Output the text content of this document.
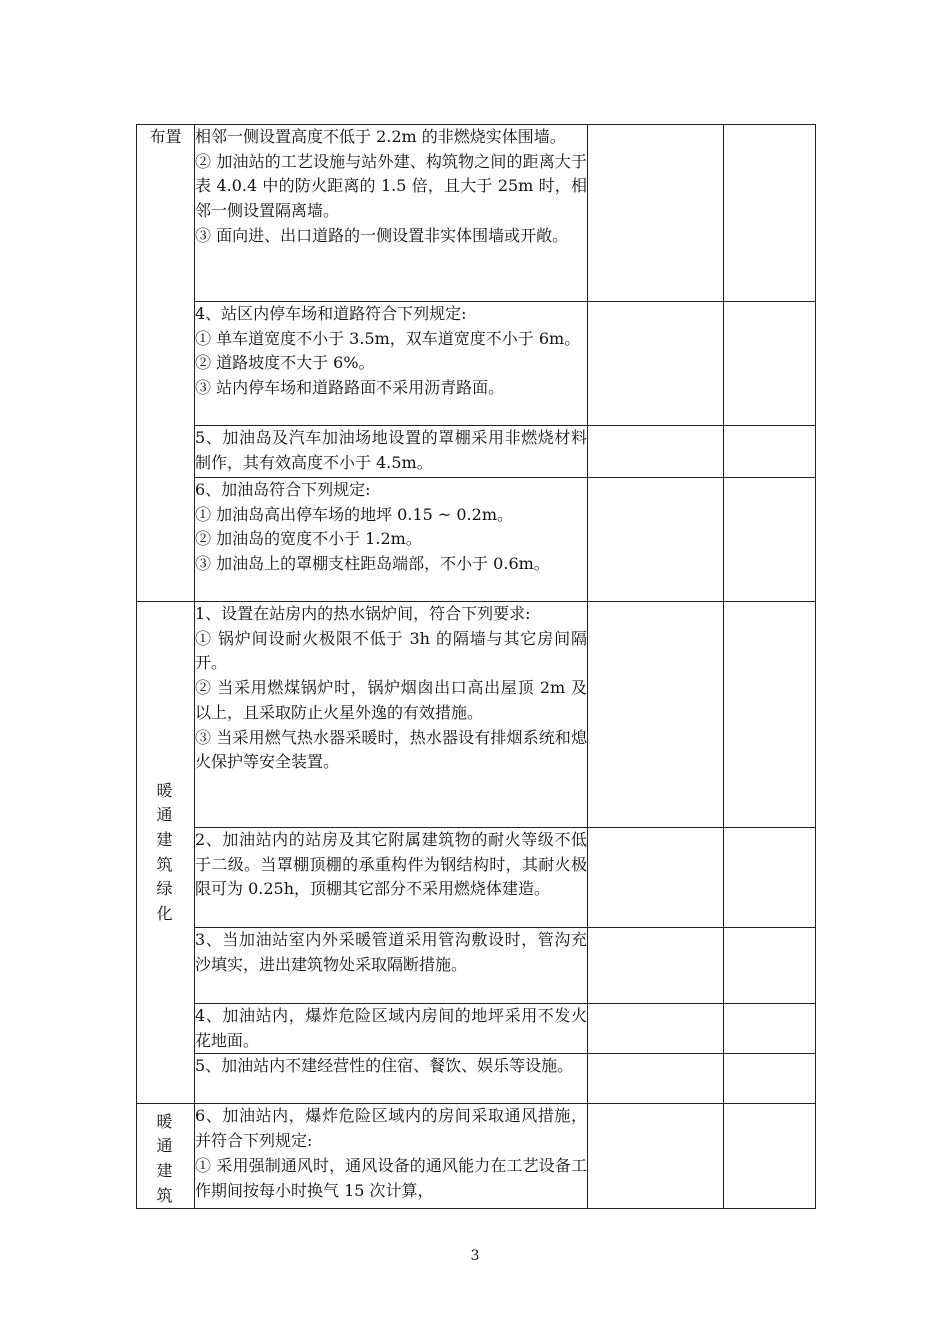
布置	相邻一侧设置高度不低于 2.2m 的非燃烧实体围墙。
② 加油站的工艺设施与站外建、构筑物之间的距离大于表 4.0.4 中的防火距离的 1.5 倍，且大于 25m 时，相邻一侧设置隔离墙。
③ 面向进、出口道路的一侧设置非实体围墙或开敞。		

	4、站区内停车场和道路符合下列规定:
① 单车道宽度不小于 3.5m，双车道宽度不小于 6m。
② 道路坡度不大于 6%。
③ 站内停车场和道路路面不采用沥青路面。		

	5、加油岛及汽车加油场地设置的罩棚采用非燃烧材料制作，其有效高度不小于 4.5m。		

	6、加油岛符合下列规定:
① 加油岛高出停车场的地坪 0.15 ~ 0.2m。
② 加油岛的宽度不小于 1.2m。
③ 加油岛上的罩棚支柱距岛端部，不小于 0.6m。		

暖通建筑绿化	1、设置在站房内的热水锅炉间，符合下列要求:
① 锅炉间设耐火极限不低于 3h 的隔墙与其它房间隔开。
② 当采用燃煤锅炉时，锅炉烟囱出口高出屋顶 2m 及以上，且采取防止火星外逸的有效措施。
③ 当采用燃气热水器采暖时，热水器设有排烟系统和熄火保护等安全装置。		

	2、加油站内的站房及其它附属建筑物的耐火等级不低于二级。当罩棚顶棚的承重构件为钢结构时，其耐火极限可为 0.25h，顶棚其它部分不采用燃烧体建造。		

	3、当加油站室内外采暖管道采用管沟敷设时，管沟充沙填实，进出建筑物处采取隔断措施。		

	4、加油站内，爆炸危险区域内房间的地坪采用不发火花地面。		

	5、加油站内不建经营性的住宿、餐饮、娱乐等设施。		

暖通建筑	6、加油站内，爆炸危险区域内的房间采取通风措施，并符合下列规定:
① 采用强制通风时，通风设备的通风能力在工艺设备工作期间按每小时换气 15 次计算，		

3
